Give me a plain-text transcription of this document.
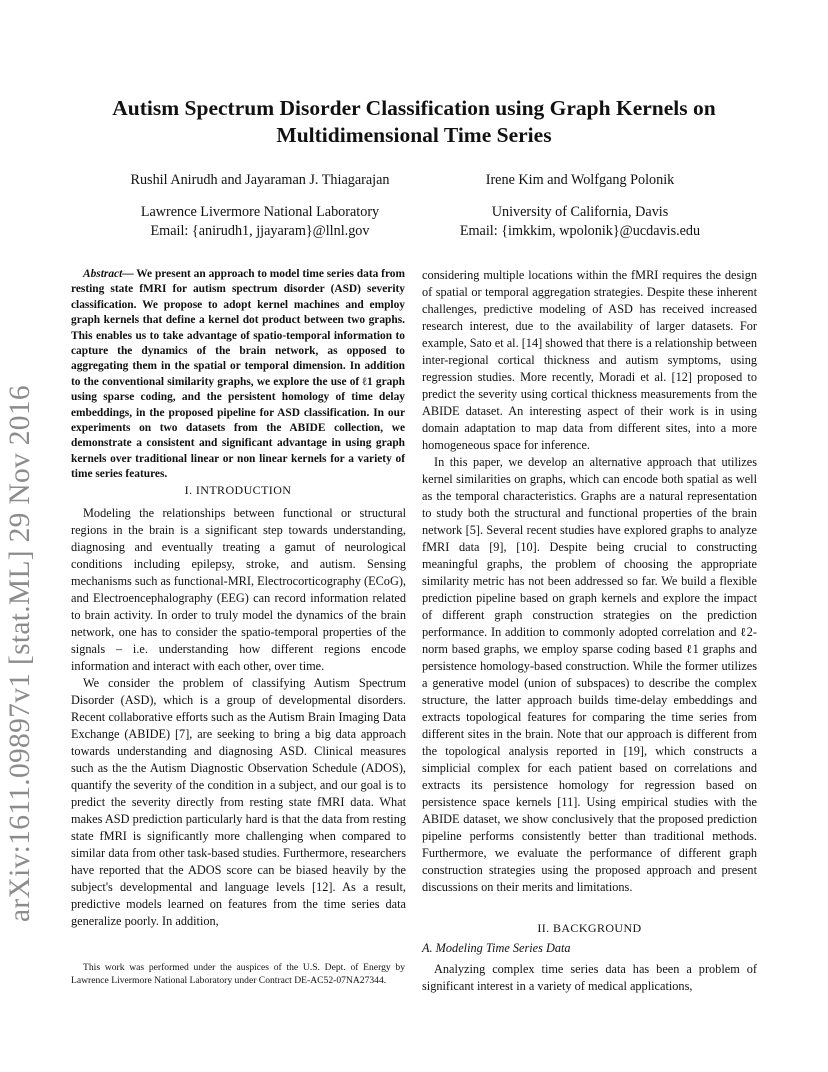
arXiv:1611.09897v1 [stat.ML] 29 Nov 2016
Autism Spectrum Disorder Classification using Graph Kernels on Multidimensional Time Series
Rushil Anirudh and Jayaraman J. Thiagarajan	Irene Kim and Wolfgang Polonik
Lawrence Livermore National Laboratory
Email: {anirudh1, jjayaram}@llnl.gov
University of California, Davis
Email: {imkkim, wpolonik}@ucdavis.edu

Abstract— We present an approach to model time series data from resting state fMRI for autism spectrum disorder (ASD) severity classification. We propose to adopt kernel machines and employ graph kernels that define a kernel dot product between two graphs. This enables us to take advantage of spatio-temporal information to capture the dynamics of the brain network, as opposed to aggregating them in the spatial or temporal dimension. In addition to the conventional similarity graphs, we explore the use of ℓ1 graph using sparse coding, and the persistent homology of time delay embeddings, in the proposed pipeline for ASD classification. In our experiments on two datasets from the ABIDE collection, we demonstrate a consistent and significant advantage in using graph kernels over traditional linear or non linear kernels for a variety of time series features.

I. INTRODUCTION

Modeling the relationships between functional or structural regions in the brain is a significant step towards understanding, diagnosing and eventually treating a gamut of neurological conditions including epilepsy, stroke, and autism. Sensing mechanisms such as functional-MRI, Electrocorticography (ECoG), and Electroencephalography (EEG) can record information related to brain activity. In order to truly model the dynamics of the brain network, one has to consider the spatio-temporal properties of the signals – i.e. understanding how different regions encode information and interact with each other, over time.

We consider the problem of classifying Autism Spectrum Disorder (ASD), which is a group of developmental disorders. Recent collaborative efforts such as the Autism Brain Imaging Data Exchange (ABIDE) [7], are seeking to bring a big data approach towards understanding and diagnosing ASD. Clinical measures such as the the Autism Diagnostic Observation Schedule (ADOS), quantify the severity of the condition in a subject, and our goal is to predict the severity directly from resting state fMRI data. What makes ASD prediction particularly hard is that the data from resting state fMRI is significantly more challenging when compared to similar data from other task-based studies. Furthermore, researchers have reported that the ADOS score can be biased heavily by the subject's developmental and language levels [12]. As a result, predictive models learned on features from the time series data generalize poorly. In addition,

This work was performed under the auspices of the U.S. Dept. of Energy by Lawrence Livermore National Laboratory under Contract DE-AC52-07NA27344.

considering multiple locations within the fMRI requires the design of spatial or temporal aggregation strategies. Despite these inherent challenges, predictive modeling of ASD has received increased research interest, due to the availability of larger datasets. For example, Sato et al. [14] showed that there is a relationship between inter-regional cortical thickness and autism symptoms, using regression studies. More recently, Moradi et al. [12] proposed to predict the severity using cortical thickness measurements from the ABIDE dataset. An interesting aspect of their work is in using domain adaptation to map data from different sites, into a more homogeneous space for inference.

In this paper, we develop an alternative approach that utilizes kernel similarities on graphs, which can encode both spatial as well as the temporal characteristics. Graphs are a natural representation to study both the structural and functional properties of the brain network [5]. Several recent studies have explored graphs to analyze fMRI data [9], [10]. Despite being crucial to constructing meaningful graphs, the problem of choosing the appropriate similarity metric has not been addressed so far. We build a flexible prediction pipeline based on graph kernels and explore the impact of different graph construction strategies on the prediction performance. In addition to commonly adopted correlation and ℓ2-norm based graphs, we employ sparse coding based ℓ1 graphs and persistence homology-based construction. While the former utilizes a generative model (union of subspaces) to describe the complex structure, the latter approach builds time-delay embeddings and extracts topological features for comparing the time series from different sites in the brain. Note that our approach is different from the topological analysis reported in [19], which constructs a simplicial complex for each patient based on correlations and extracts its persistence homology for regression based on persistence space kernels [11]. Using empirical studies with the ABIDE dataset, we show conclusively that the proposed prediction pipeline performs consistently better than traditional methods. Furthermore, we evaluate the performance of different graph construction strategies using the proposed approach and present discussions on their merits and limitations.

II. BACKGROUND
A. Modeling Time Series Data

Analyzing complex time series data has been a problem of significant interest in a variety of medical applications,
